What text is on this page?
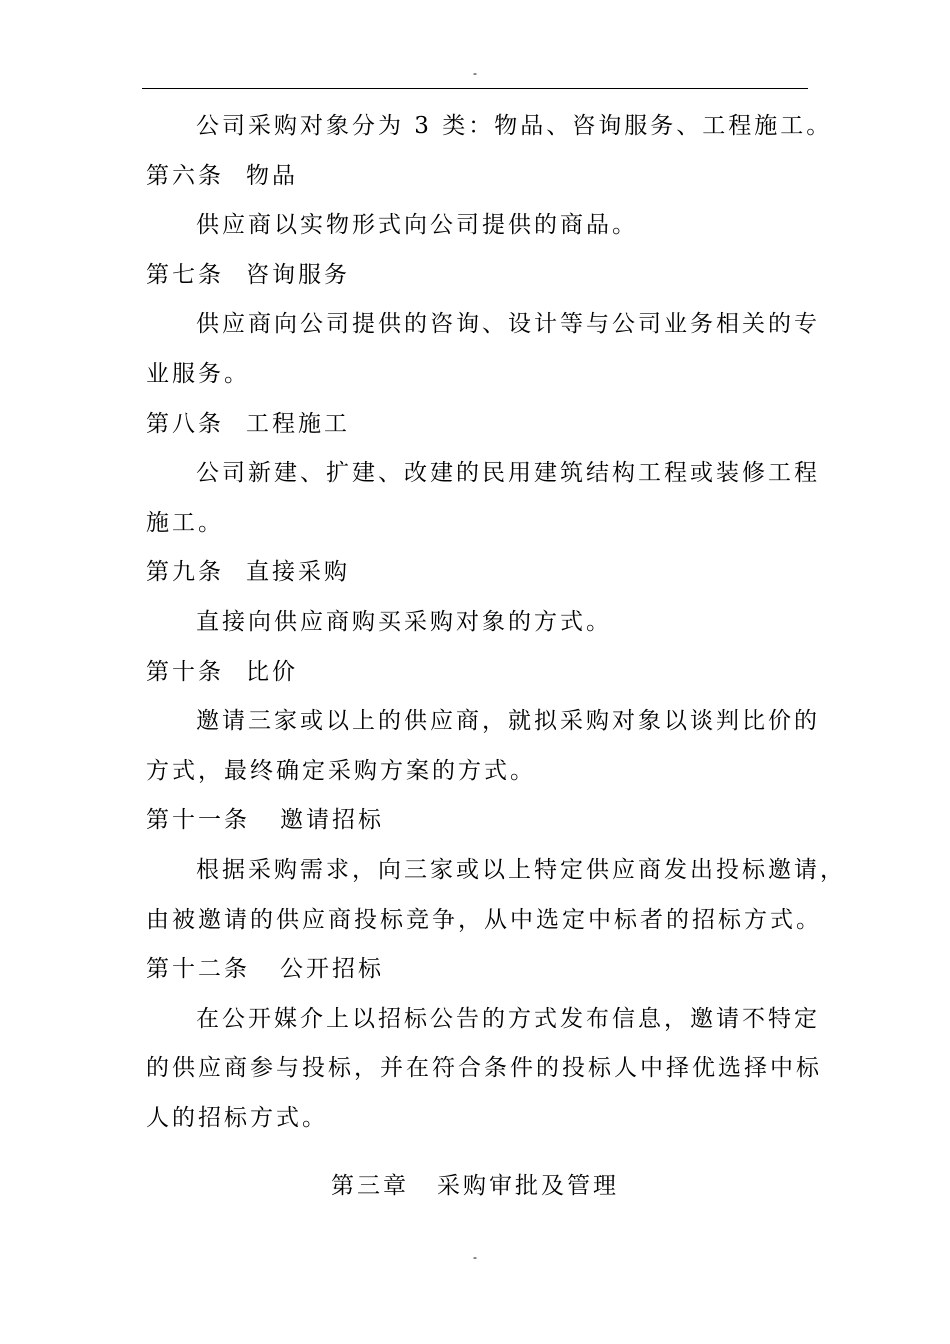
-
公司采购对象分为 3 类：物品、咨询服务、工程施工。
第六条 物品
供应商以实物形式向公司提供的商品。
第七条 咨询服务
供应商向公司提供的咨询、设计等与公司业务相关的专
业服务。
第八条 工程施工
公司新建、扩建、改建的民用建筑结构工程或装修工程
施工。
第九条 直接采购
直接向供应商购买采购对象的方式。
第十条 比价
邀请三家或以上的供应商，就拟采购对象以谈判比价的
方式，最终确定采购方案的方式。
第十一条 邀请招标
根据采购需求，向三家或以上特定供应商发出投标邀请，
由被邀请的供应商投标竞争，从中选定中标者的招标方式。
第十二条 公开招标
在公开媒介上以招标公告的方式发布信息，邀请不特定
的供应商参与投标，并在符合条件的投标人中择优选择中标
人的招标方式。
第三章 采购审批及管理
-
